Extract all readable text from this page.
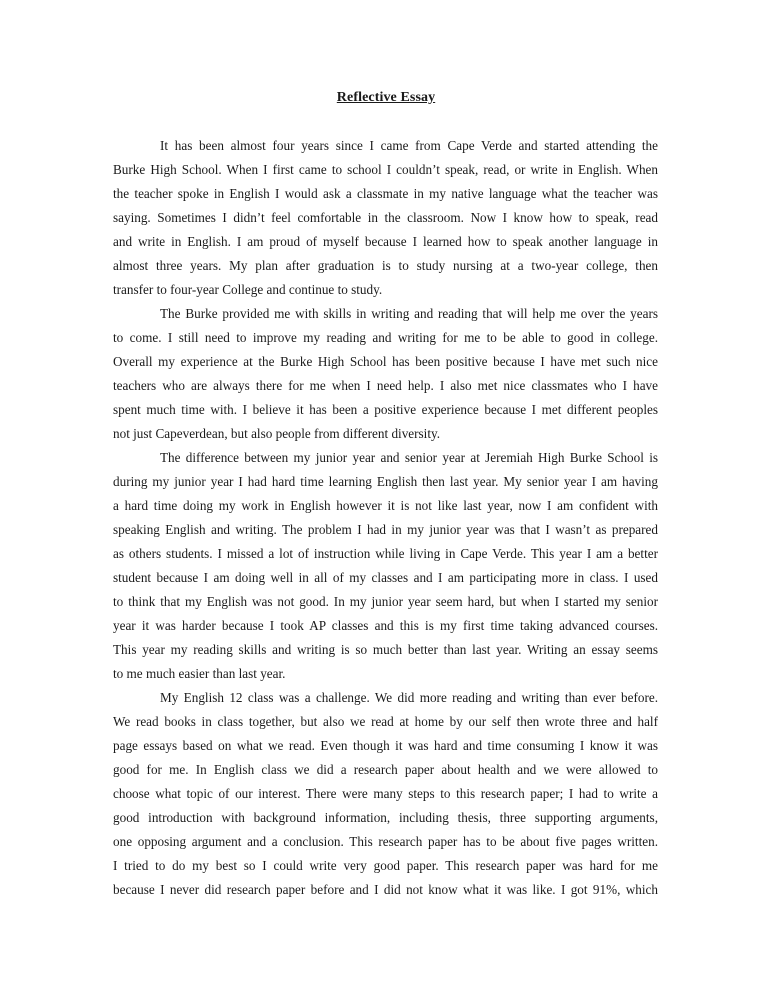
Reflective Essay
It has been almost four years since I came from Cape Verde and started attending the
Burke High School. When I first came to school I couldn’t speak, read, or write in English. When
the teacher spoke in English I would ask a classmate in my native language what the teacher was
saying. Sometimes I didn’t feel comfortable in the classroom. Now I know how to speak, read
and write in English. I am proud of myself because I learned how to speak another language in
almost three years. My plan after graduation is to study nursing at a two-year college, then
transfer to four-year College and continue to study.
The Burke provided me with skills in writing and reading that will help me over the years
to come. I still need to improve my reading and writing for me to be able to good in college.
Overall my experience at the Burke High School has been positive because I have met such nice
teachers who are always there for me when I need help. I also met nice classmates who I have
spent much time with. I believe it has been a positive experience because I met different peoples
not just Capeverdean, but also people from different diversity.
The difference between my junior year and senior year at Jeremiah High Burke School is
during my junior year I had hard time learning English then last year. My senior year I am having
a hard time doing my work in English however it is not like last year, now I am confident with
speaking English and writing. The problem I had in my junior year was that I wasn’t as prepared
as others students. I missed a lot of instruction while living in Cape Verde. This year I am a better
student because I am doing well in all of my classes and I am participating more in class. I used
to think that my English was not good. In my junior year seem hard, but when I started my senior
year it was harder because I took AP classes and this is my first time taking advanced courses.
This year my reading skills and writing is so much better than last year. Writing an essay seems
to me much easier than last year.
My English 12 class was a challenge. We did more reading and writing than ever before.
We read books in class together, but also we read at home by our self then wrote three and half
page essays based on what we read. Even though it was hard and time consuming I know it was
good for me. In English class we did a research paper about health and we were allowed to
choose what topic of our interest. There were many steps to this research paper; I had to write a
good introduction with background information, including thesis, three supporting arguments,
one opposing argument and a conclusion. This research paper has to be about five pages written.
I tried to do my best so I could write very good paper. This research paper was hard for me
because I never did research paper before and I did not know what it was like. I got 91%, which
